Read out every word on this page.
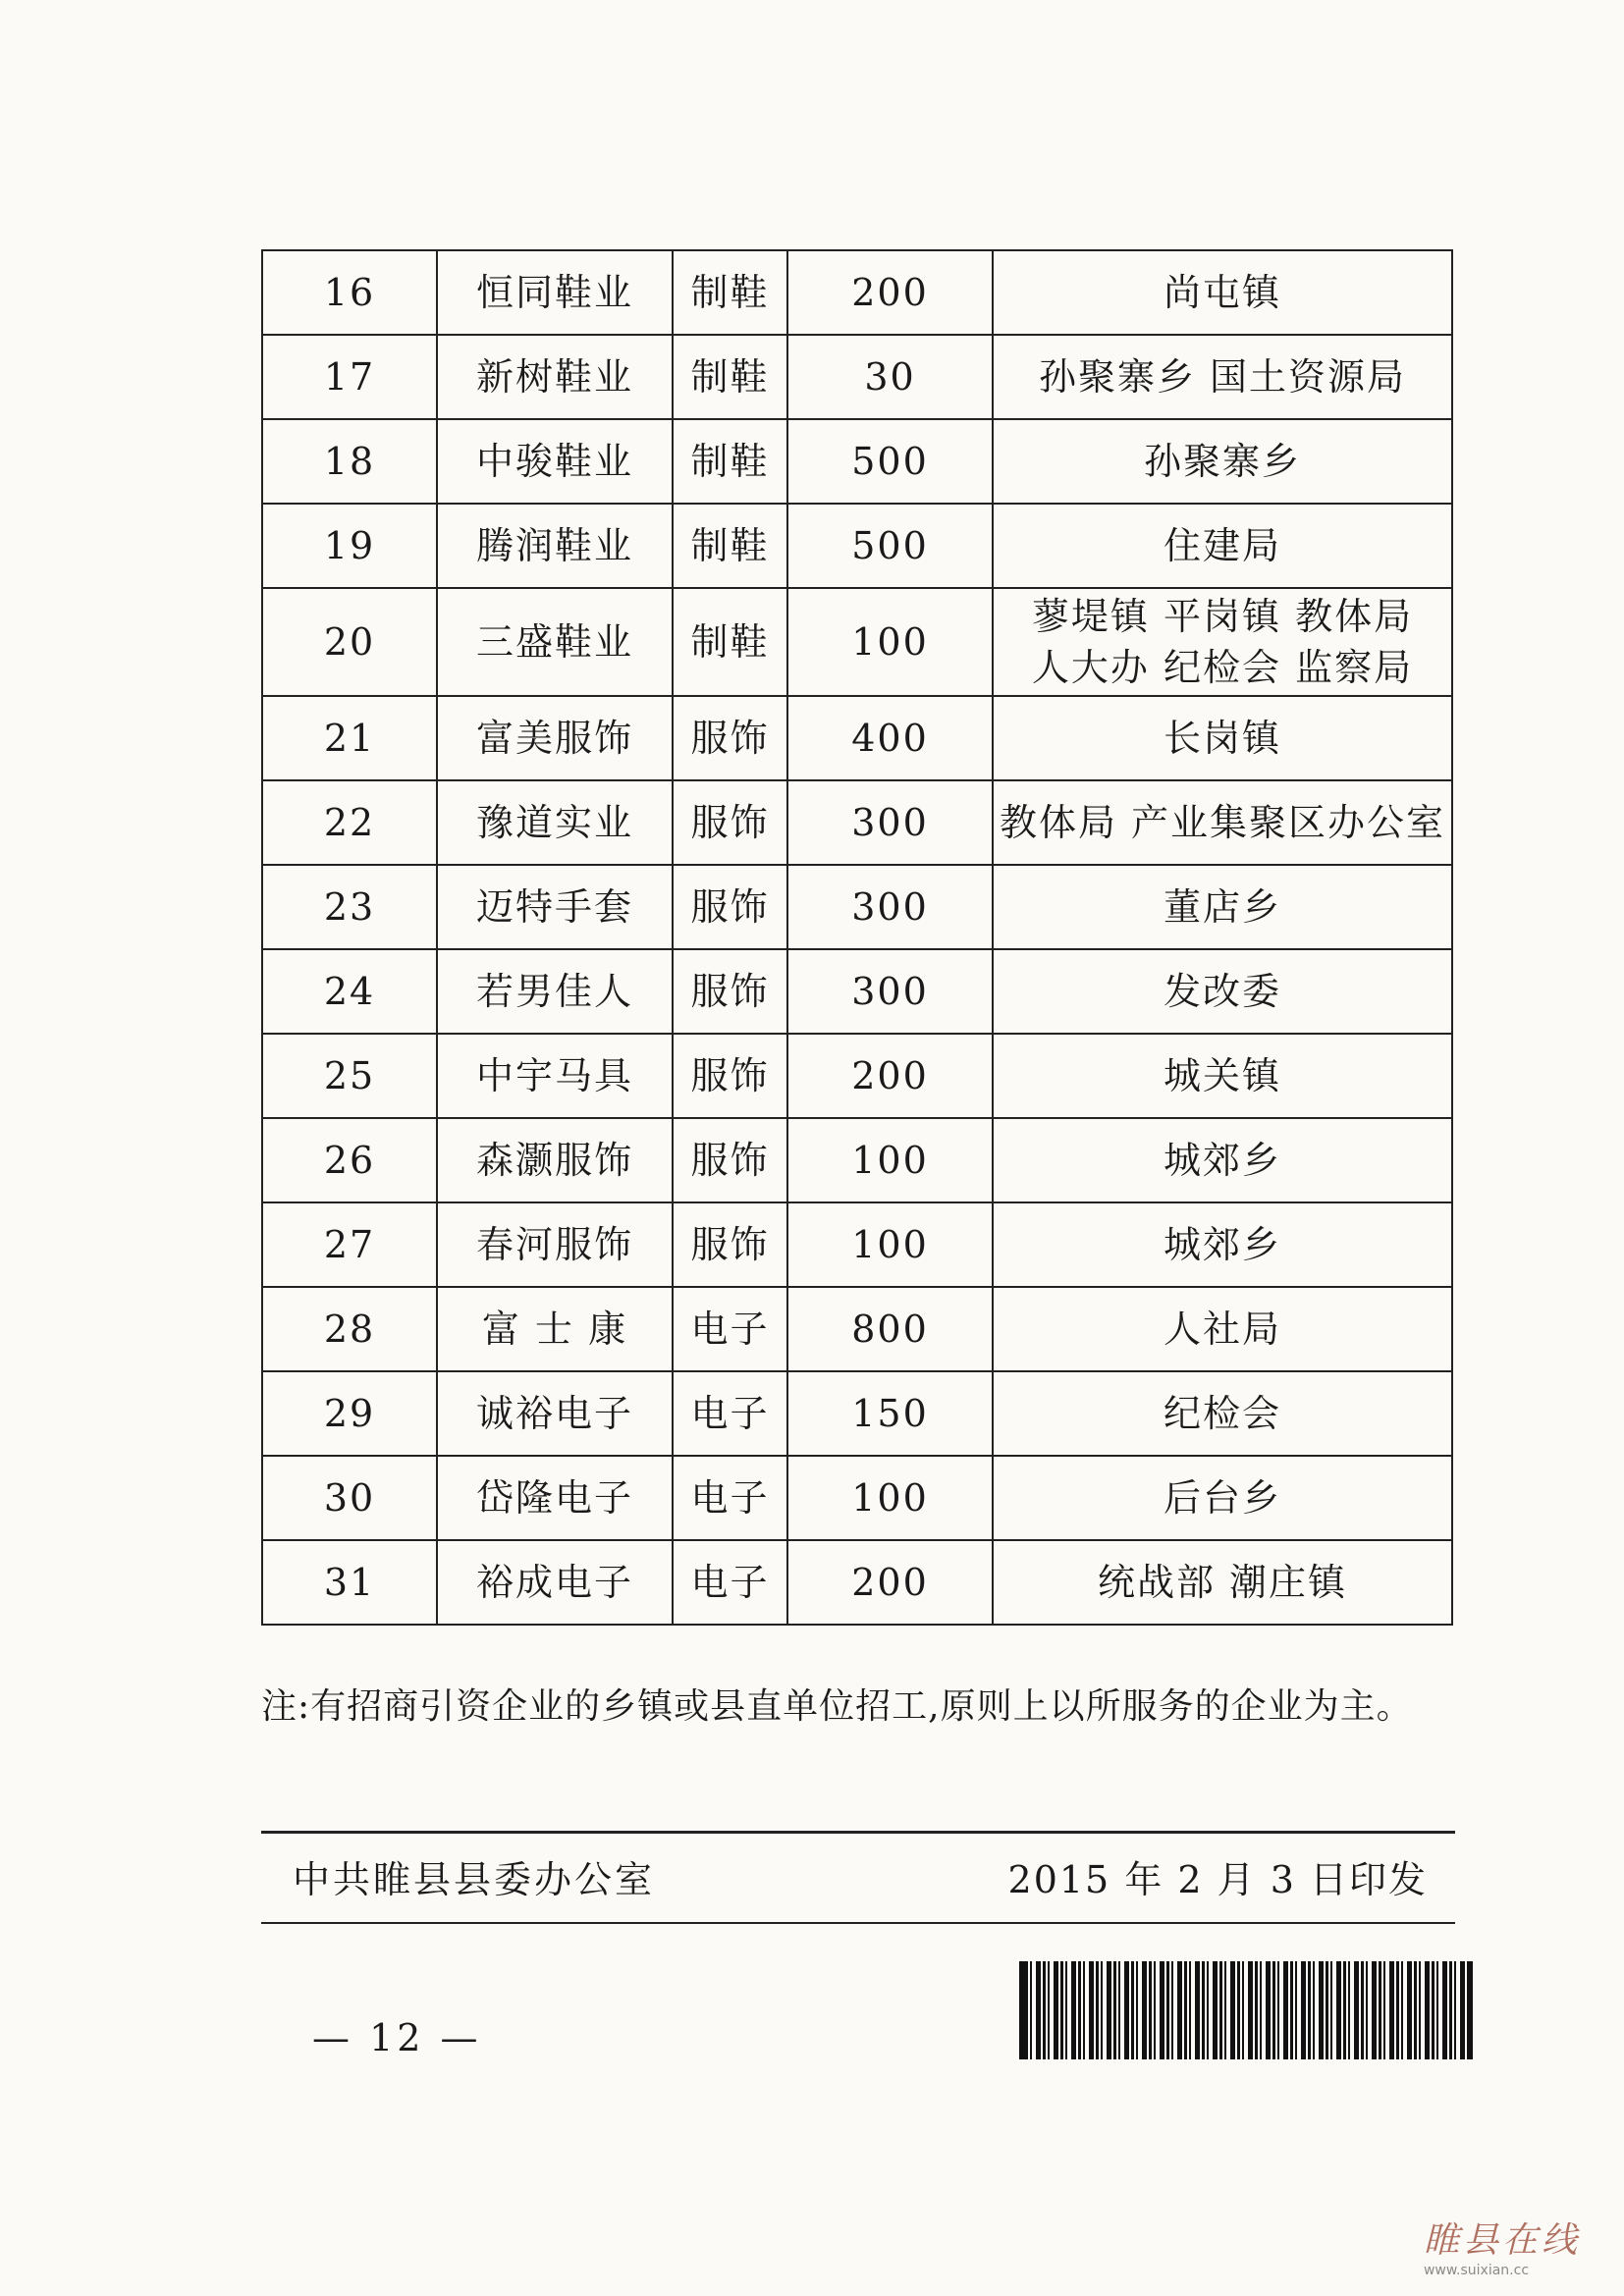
16	恒同鞋业	制鞋	200	尚屯镇

17	新树鞋业	制鞋	30	孙聚寨乡 国土资源局

18	中骏鞋业	制鞋	500	孙聚寨乡

19	腾润鞋业	制鞋	500	住建局

20	三盛鞋业	制鞋	100	蓼堤镇 平岗镇 教体局
人大办 纪检会 监察局

21	富美服饰	服饰	400	长岗镇

22	豫道实业	服饰	300	教体局 产业集聚区办公室

23	迈特手套	服饰	300	董店乡

24	若男佳人	服饰	300	发改委

25	中宇马具	服饰	200	城关镇

26	森灏服饰	服饰	100	城郊乡

27	春河服饰	服饰	100	城郊乡

28	富 士 康	电子	800	人社局

29	诚裕电子	电子	150	纪检会

30	岱隆电子	电子	100	后台乡

31	裕成电子	电子	200	统战部 潮庄镇
注:有招商引资企业的乡镇或县直单位招工,原则上以所服务的企业为主。
中共睢县县委办公室	2015 年 2 月 3 日印发
— 12 —
睢县在线
www.suixian.cc
